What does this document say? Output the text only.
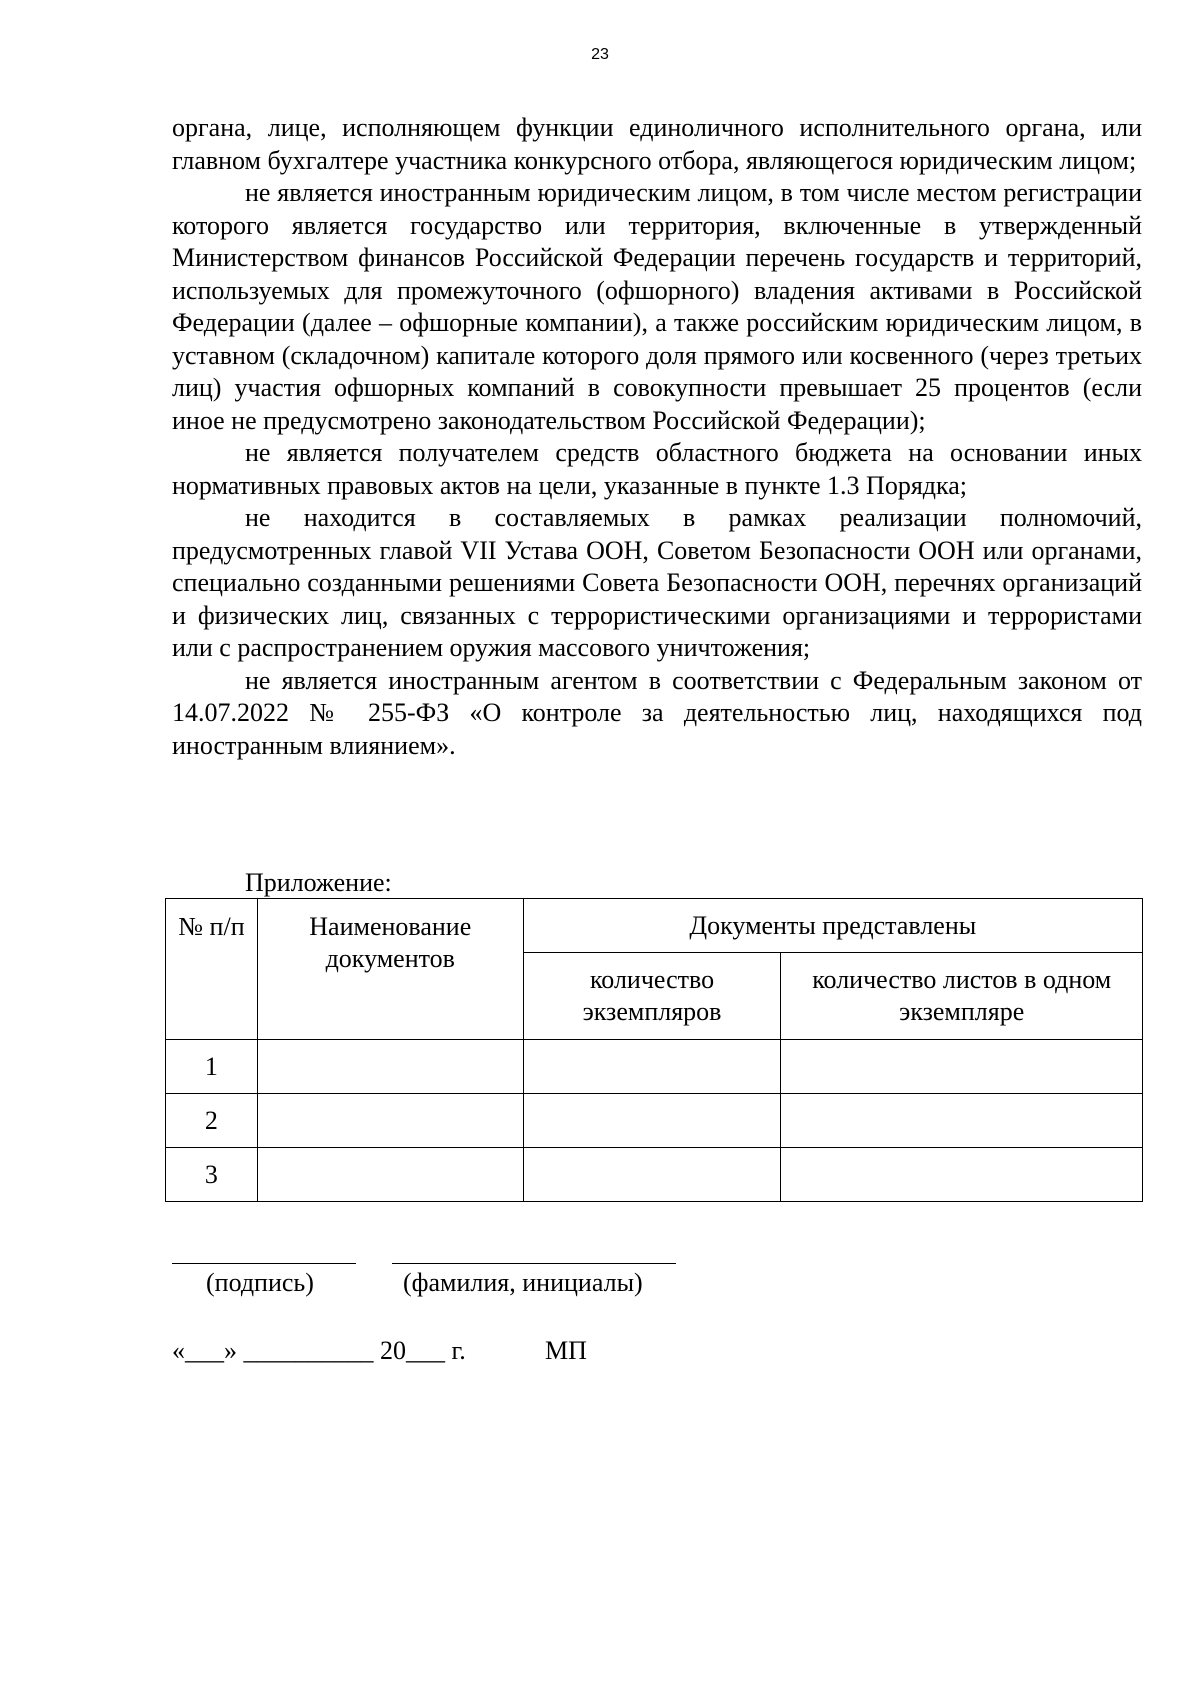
23

органа, лице, исполняющем функции единоличного исполнительного органа, или главном бухгалтере участника конкурсного отбора, являющегося юридическим лицом;

не является иностранным юридическим лицом, в том числе местом регистрации которого является государство или территория, включенные в утвержденный Министерством финансов Российской Федерации перечень государств и территорий, используемых для промежуточного (офшорного) владения активами в Российской Федерации (далее – офшорные компании), а также российским юридическим лицом, в уставном (складочном) капитале которого доля прямого или косвенного (через третьих лиц) участия офшорных компаний в совокупности превышает 25 процентов (если иное не предусмотрено законодательством Российской Федерации);

не является получателем средств областного бюджета на основании иных нормативных правовых актов на цели, указанные в пункте 1.3 Порядка;

не находится в составляемых в рамках реализации полномочий, предусмотренных главой VII Устава ООН, Советом Безопасности ООН или органами, специально созданными решениями Совета Безопасности ООН, перечнях организаций и физических лиц, связанных с террористическими организациями и террористами или с распространением оружия массового уничтожения;

не является иностранным агентом в соответствии с Федеральным законом от 14.07.2022 № 255-ФЗ «О контроле за деятельностью лиц, находящихся под иностранным влиянием».

Приложение:
№ п/п	Наименование документов	Документы представлены	
		количество экземпляров	количество листов в одном экземпляре
1			
2			
3			
(подпись)	(фамилия, инициалы)
«___» __________ 20___ г.	МП
